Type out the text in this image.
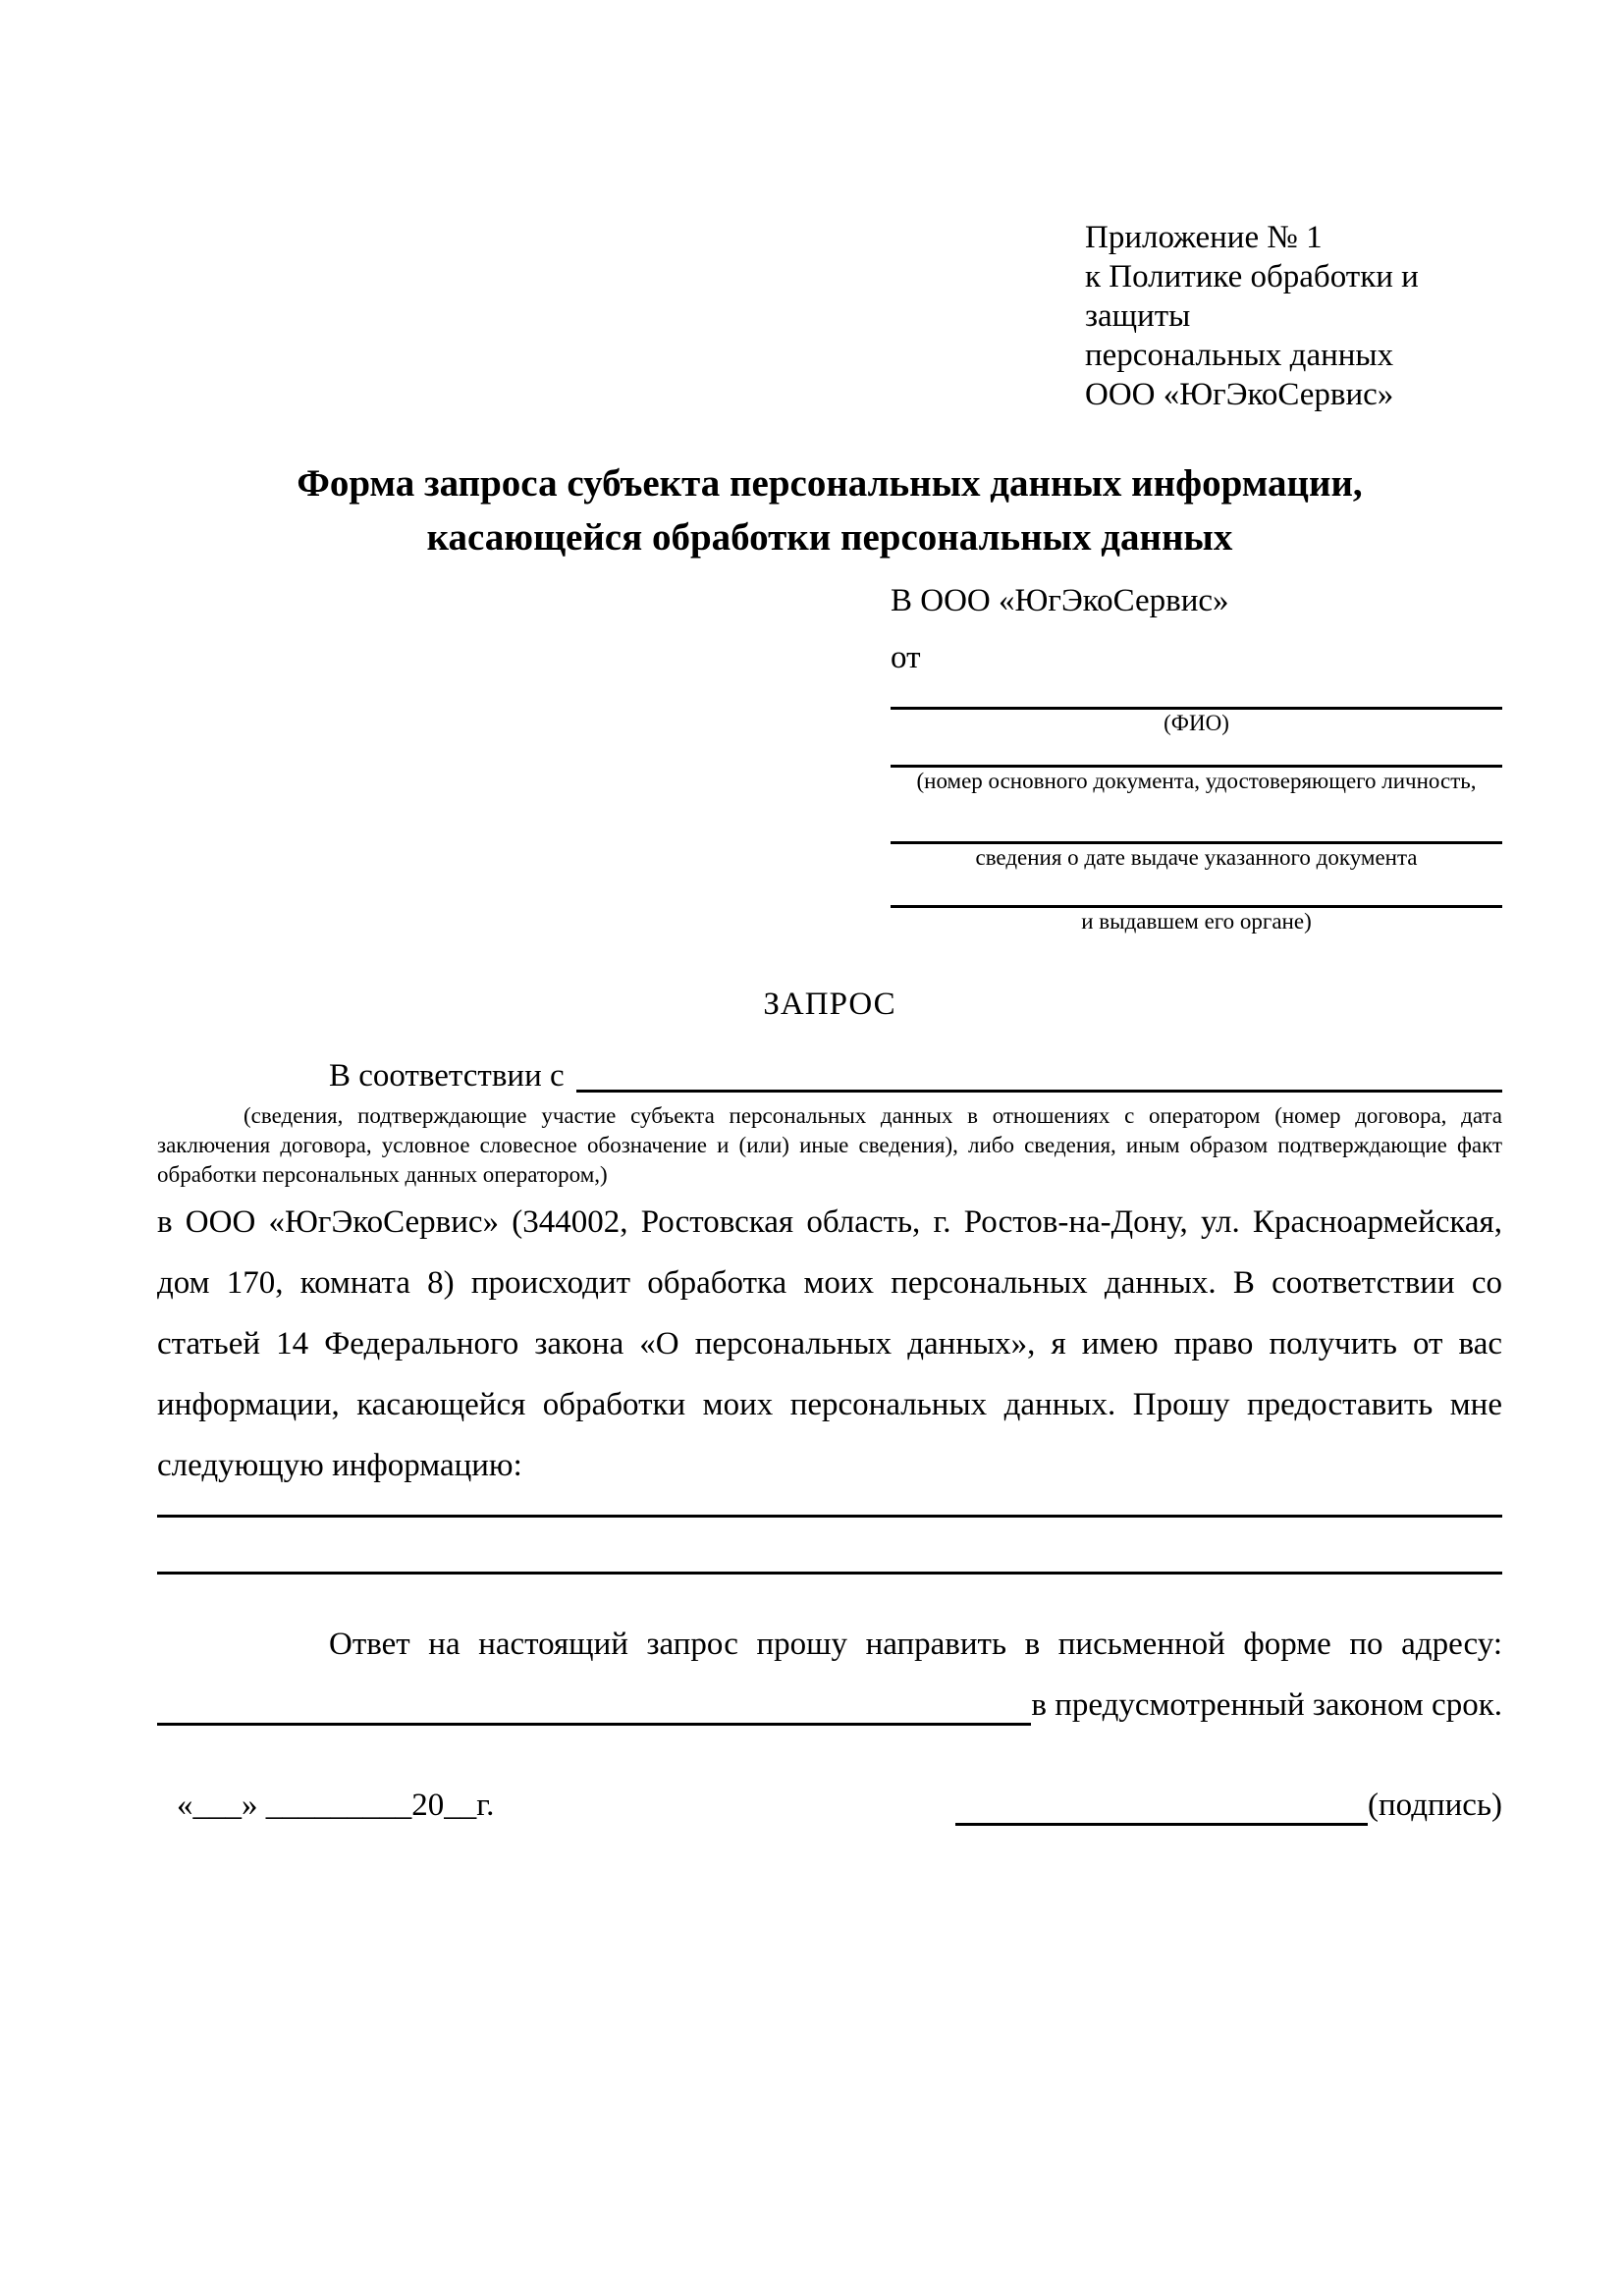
Приложение № 1
к Политике обработки и защиты
персональных данных
ООО «ЮгЭкоСервис»
Форма запроса субъекта персональных данных информации,
касающейся обработки персональных данных
В ООО «ЮгЭкоСервис»
от
(ФИО)
(номер основного документа, удостоверяющего личность,
сведения о дате выдаче указанного документа
и выдавшем его органе)
ЗАПРОС
В соответствии с
(сведения, подтверждающие участие субъекта персональных данных в отношениях с оператором (номер договора, дата заключения договора, условное словесное обозначение и (или) иные сведения), либо сведения, иным образом подтверждающие факт обработки персональных данных оператором,)
в ООО «ЮгЭкоСервис» (344002, Ростовская область, г. Ростов-на-Дону, ул. Красноармейская, дом 170, комната 8) происходит обработка моих персональных данных. В соответствии со статьей 14 Федерального закона «О персональных данных», я имею право получить от вас информации, касающейся обработки моих персональных данных. Прошу предоставить мне следующую информацию:
Ответ на настоящий запрос прошу направить в письменной форме по адресу:
в предусмотренный законом срок.
«___» _________20__г.	(подпись)
